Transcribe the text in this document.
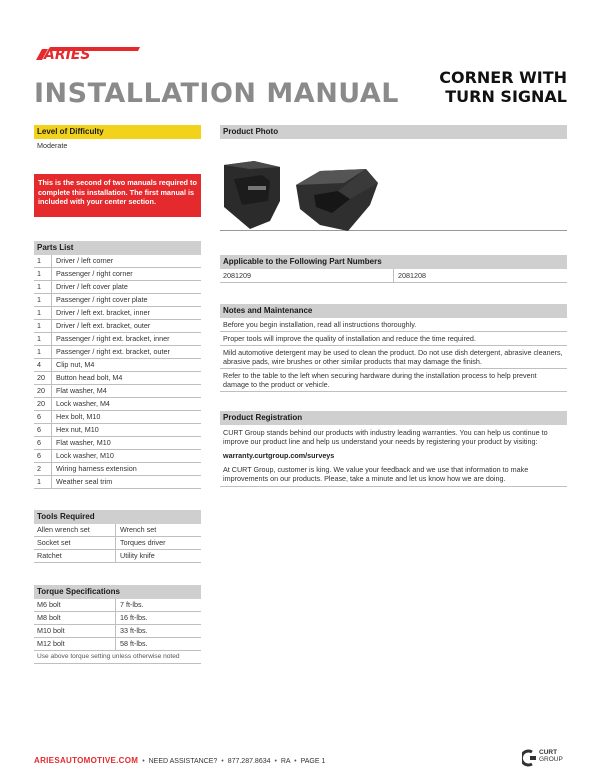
ARIES
INSTALLATION MANUAL
CORNER WITH
TURN SIGNAL
Level of Difficulty
Moderate
This is the second of two manuals required to complete this installation. The first manual is included with your center section.
Parts List
1	Driver / left corner
1	Passenger / right corner
1	Driver / left cover plate
1	Passenger / right cover plate
1	Driver / left ext. bracket, inner
1	Driver / left ext. bracket, outer
1	Passenger / right ext. bracket, inner
1	Passenger / right ext. bracket, outer
4	Clip nut, M4
20	Button head bolt, M4
20	Flat washer, M4
20	Lock washer, M4
6	Hex bolt, M10
6	Hex nut, M10
6	Flat washer, M10
6	Lock washer, M10
2	Wiring harness extension
1	Weather seal trim
Tools Required
Allen wrench set	Wrench set
Socket set	Torques driver
Ratchet	Utility knife
Torque Specifications
M6 bolt	7 ft-lbs.
M8 bolt	16 ft-lbs.
M10 bolt	33 ft-lbs.
M12 bolt	58 ft-lbs.
Use above torque setting unless otherwise noted
Product Photo
Applicable to the Following Part Numbers
2081209	2081208
Notes and Maintenance
Before you begin installation, read all instructions thoroughly.
Proper tools will improve the quality of installation and reduce the time required.
Mild automotive detergent may be used to clean the product. Do not use dish detergent, abrasive cleaners, abrasive pads, wire brushes or other similar products that may damage the finish.
Refer to the table to the left when securing hardware during the installation process to help prevent damage to the product or vehicle.
Product Registration
CURT Group stands behind our products with industry leading warranties. You can help us continue to improve our product line and help us understand your needs by registering your product by visiting:
warranty.curtgroup.com/surveys
At CURT Group, customer is king. We value your feedback and we use that information to make improvements on our products. Please, take a minute and let us know how we are doing.
ARIESAUTOMOTIVE.COM • NEED ASSISTANCE? • 877.287.8634 • RA • PAGE 1
CURT
GROUP
